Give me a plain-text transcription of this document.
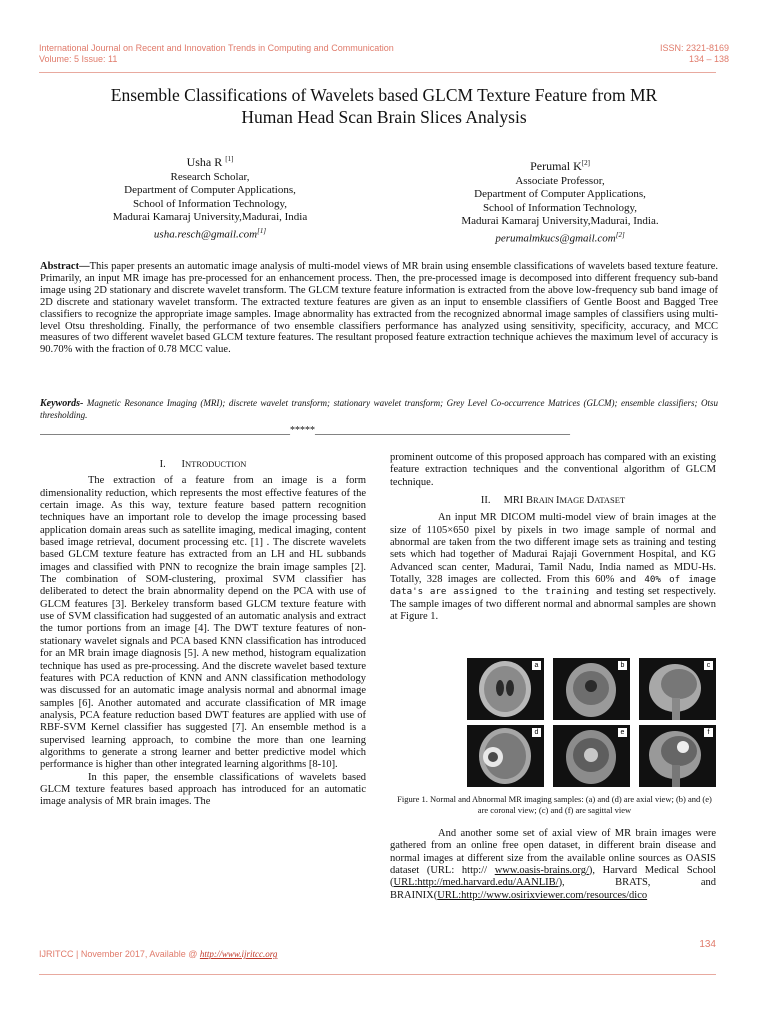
International Journal on Recent and Innovation Trends in Computing and Communication
Volume: 5 Issue: 11
ISSN: 2321-8169
134 – 138
Ensemble Classifications of Wavelets based GLCM Texture Feature from MR
Human Head Scan Brain Slices Analysis
Usha R [1]
Research Scholar,
Department of Computer Applications,
School of Information Technology,
Madurai Kamaraj University,Madurai, India
usha.resch@gmail.com[1]
Perumal K[2]
Associate Professor,
Department of Computer Applications,
School of Information Technology,
Madurai Kamaraj University,Madurai, India.
perumalmkucs@gmail.com[2]
Abstract—This paper presents an automatic image analysis of multi-model views of MR brain using ensemble classifications of wavelets based texture feature. Primarily, an input MR image has pre-processed for an enhancement process. Then, the pre-processed image is decomposed into different frequency sub-band image using 2D stationary and discrete wavelet transform. The GLCM texture feature information is extracted from the above low-frequency sub band image of 2D discrete and stationary wavelet transform. The extracted texture features are given as an input to ensemble classifiers of Gentle Boost and Bagged Tree classifiers to recognize the appropriate image samples. Image abnormality has extracted from the recognized abnormal image samples of classifiers using multi-level Otsu thresholding. Finally, the performance of two ensemble classifiers performance has analyzed using sensitivity, specificity, accuracy, and MCC measures of two different wavelet based GLCM texture features. The resultant proposed feature extraction technique achieves the maximum level of accuracy is 90.70% with the fraction of 0.78 MCC value.
Keywords- Magnetic Resonance Imaging (MRI); discrete wavelet transform; stationary wavelet transform; Grey Level Co-occurrence Matrices (GLCM); ensemble classifiers; Otsu thresholding.
__________________________________________________*****___________________________________________________

I. INTRODUCTION

The extraction of a feature from an image is a form dimensionality reduction, which represents the most effective features of the certain image. As this way, texture feature based pattern recognition techniques have an important role to develop the image processing based application domain areas such as satellite imaging, medical imaging, content based image retrieval, document processing etc. [1] . The discrete wavelets based GLCM texture feature has extracted from an LH and HL subbands images and classified with PNN to recognize the brain image samples [2]. The combination of SOM-clustering, proximal SVM classifier has deliberated to detect the brain abnormality depend on the PCA with use of GLCM features [3]. Berkeley transform based GLCM texture feature with use of SVM classification had suggested of an automatic analysis and extract the tumor portions from an image [4]. The DWT texture features of non-stationary wavelet signals and PCA based KNN classification has introduced for an MR brain image diagnosis [5]. A new method, histogram equalization technique has used as pre-processing. And the discrete wavelet based texture features with PCA reduction of KNN and ANN classification methodology was discussed for an automatic image analysis normal and abnormal image samples [6]. Another automated and accurate classification of MR image analysis, PCA feature reduction based DWT features are applied with use of RBF-SVM Kernel classifier has suggested [7]. An ensemble method is a supervised learning approach, to combine the more than one learning algorithms to generate a strong learner and better predictive model which performance is higher than other integrated learning algorithms [8-10].

In this paper, the ensemble classifications of wavelets based GLCM texture features based approach has introduced for an automatic image analysis of MR brain images. The

prominent outcome of this proposed approach has compared with an existing feature extraction techniques and the conventional algorithm of GLCM technique.

II. MRI BRAIN IMAGE DATASET

An input MR DICOM multi-model view of brain images at the size of 1105×650 pixel by pixels in two image sample of normal and abnormal are taken from the two different image sets as training and testing sets which had together of Madurai Rajaji Government Hospital, and KG Advanced scan center, Madurai, Tamil Nadu, India named as MDU-Hs. Totally, 328 images are collected. From this 60% and 40% of image data's are assigned to the training and testing set respectively. The sample images of two different normal and abnormal samples are shown at Figure 1.

a	b	c
d	e	f
Figure 1. Normal and Abnormal MR imaging samples: (a) and (d) are axial view; (b) and (e) are coronal view; (c) and (f) are sagittal view

And another some set of axial view of MR brain images were gathered from an online free open dataset, in different brain disease and normal images at different size from the available online sources as OASIS dataset (URL: http:// www.oasis-brains.org/), Harvard Medical School (URL:http://med.harvard.edu/AANLIB/), BRATS, and BRAINIX(URL:http://www.osirixviewer.com/resources/dico

134
IJRITCC | November 2017, Available @ http://www.ijritcc.org
